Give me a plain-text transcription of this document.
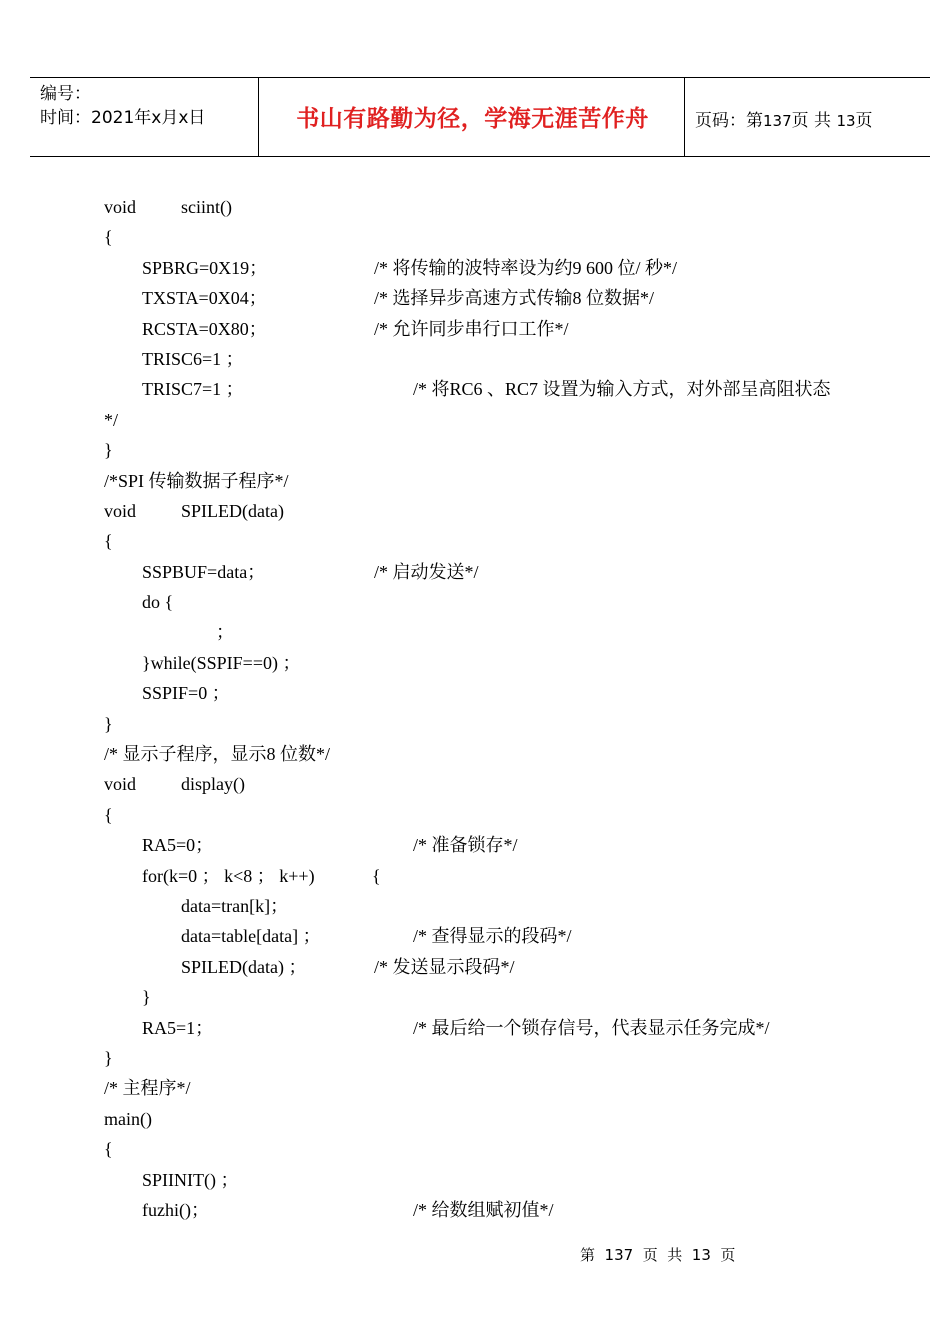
编号：
时间：2021年x月x日	书山有路勤为径，学海无涯苦作舟	页码：第137页 共 13页
void sciint()
{
SPBRG=0X19；	/* 将传输的波特率设为约9 600 位/ 秒*/
TXSTA=0X04；	/* 选择异步高速方式传输8 位数据*/
RCSTA=0X80；	/* 允许同步串行口工作*/
TRISC6=1 ；
TRISC7=1 ；	/* 将RC6 、RC7 设置为输入方式，对外部呈高阻状态
*/
}
/*SPI 传输数据子程序*/
void SPILED(data)
{
SSPBUF=data；	/* 启动发送*/
do {
；
}while(SSPIF==0) ；
SSPIF=0 ；
}
/* 显示子程序，显示8 位数*/
void display()
{
RA5=0；	/* 准备锁存*/
for(k=0 ； k<8 ； k++)	{
data=tran[k]；
data=table[data] ；	/* 查得显示的段码*/
SPILED(data) ；	/* 发送显示段码*/
}
RA5=1；	/* 最后给一个锁存信号，代表显示任务完成*/
}
/* 主程序*/
main()
{
SPIINIT() ；
fuzhi()；	/* 给数组赋初值*/
第  137  页  共  13  页
